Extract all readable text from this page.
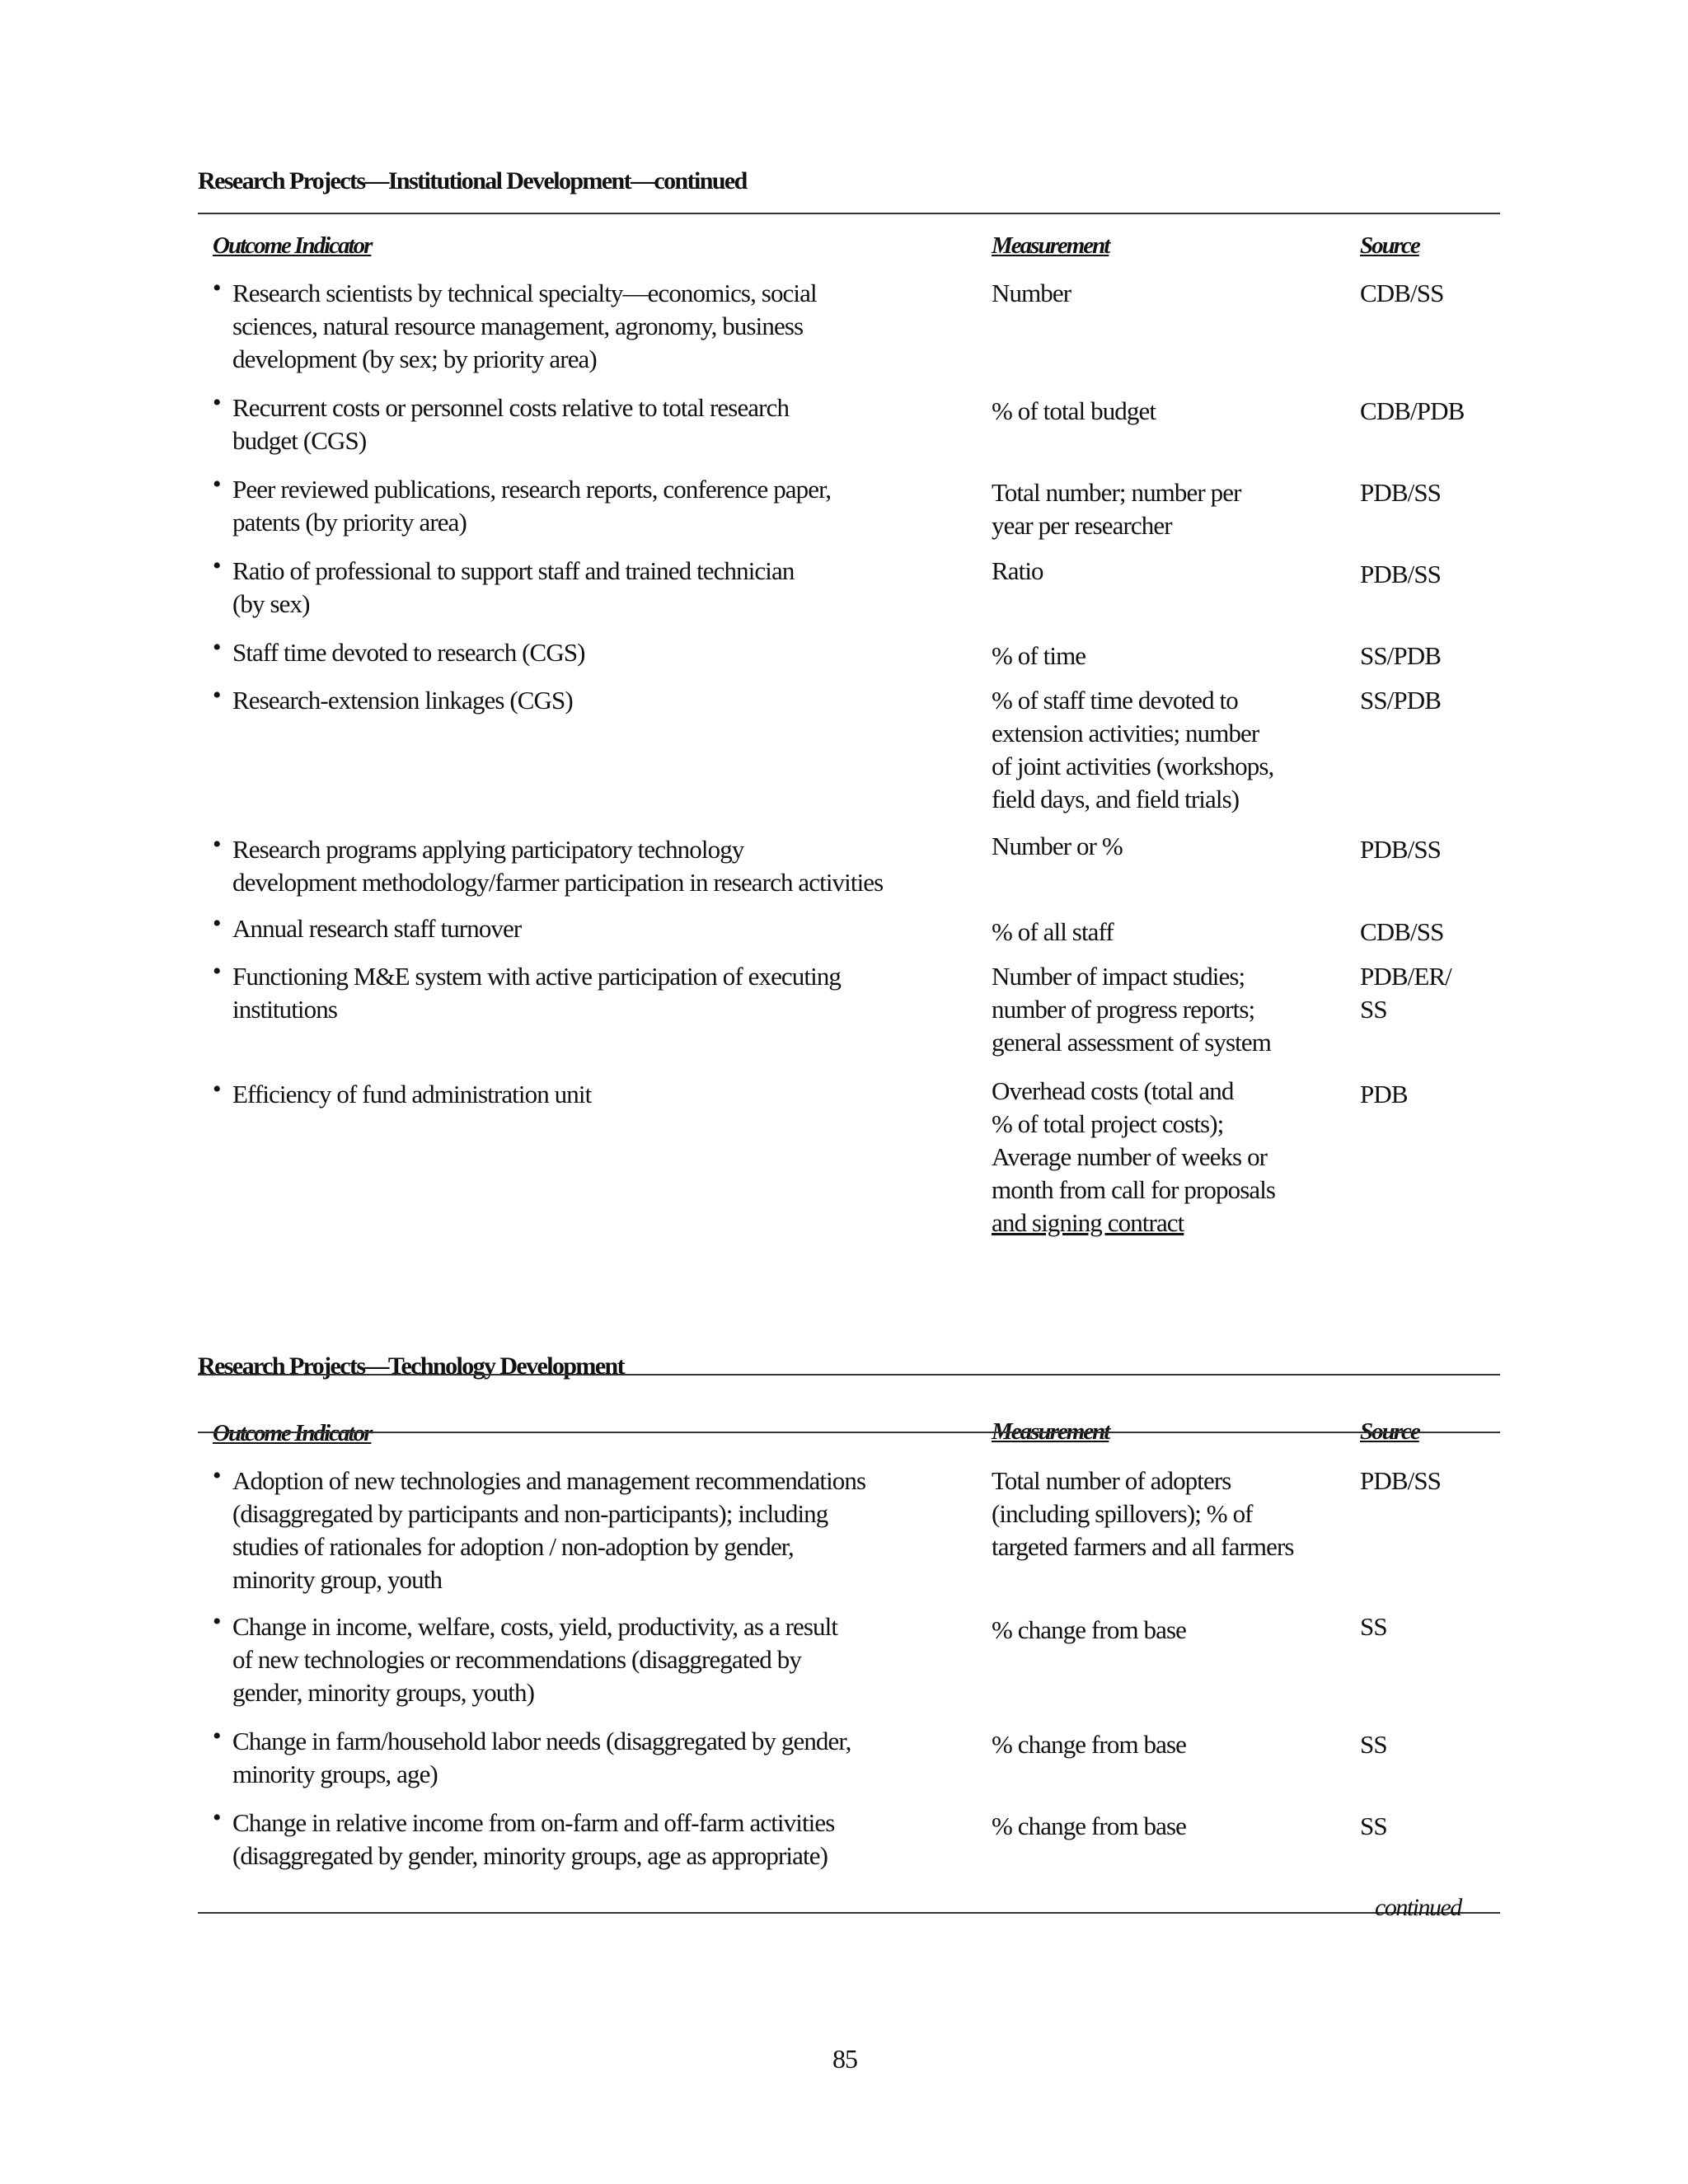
Research Projects—Institutional Development—continued
Outcome Indicator	Measurement	Source
• Research scientists by technical specialty—economics, social
sciences, natural resource management, agronomy, business
development (by sex; by priority area)
Number	CDB/SS
• Recurrent costs or personnel costs relative to total research
budget (CGS)
% of total budget	CDB/PDB
• Peer reviewed publications, research reports, conference paper,
patents (by priority area)
Total number; number per
year per researcher
PDB/SS
• Ratio of professional to support staff and trained technician
(by sex)
Ratio	PDB/SS
• Staff time devoted to research (CGS)	% of time	SS/PDB
• Research-extension linkages (CGS)	% of staff time devoted to
extension activities; number
of joint activities (workshops,
field days, and field trials)
SS/PDB
• Research programs applying participatory technology
development methodology/farmer participation in research activities
Number or %	PDB/SS
• Annual research staff turnover	% of all staff	CDB/SS
• Functioning M&E system with active participation of executing
institutions
Number of impact studies;
number of progress reports;
general assessment of system
PDB/ER/
SS
• Efficiency of fund administration unit	Overhead costs (total and
% of total project costs);
Average number of weeks or
month from call for proposals
and signing contract
PDB
Research Projects—Technology Development
Outcome Indicator	Measurement	Source
• Adoption of new technologies and management recommendations
(disaggregated by participants and non-participants); including
studies of rationales for adoption / non-adoption by gender,
minority group, youth
Total number of adopters
(including spillovers); % of
targeted farmers and all farmers
PDB/SS
• Change in income, welfare, costs, yield, productivity, as a result
of new technologies or recommendations (disaggregated by
gender, minority groups, youth)
% change from base	SS
• Change in farm/household labor needs (disaggregated by gender,
minority groups, age)
% change from base	SS
• Change in relative income from on-farm and off-farm activities
(disaggregated by gender, minority groups, age as appropriate)
% change from base	SS
continued
85
